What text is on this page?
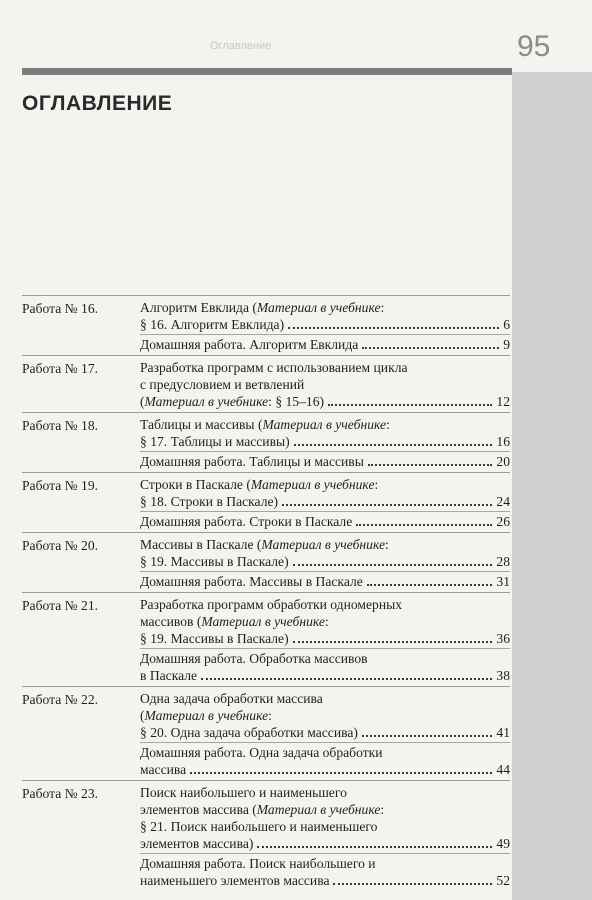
Оглавление	95
ОГЛАВЛЕНИЕ
Работа № 16.	Алгоритм Евклида ( Материал в учебнике :
§ 16. Алгоритм Евклида)	6
Домашняя работа. Алгоритм Евклида	9
Работа № 17.	Разработка программ с использованием цикла
с предусловием и ветвлений
( Материал в учебнике : § 15–16)	12
Работа № 18.	Таблицы и массивы ( Материал в учебнике :
§ 17. Таблицы и массивы)	16
Домашняя работа. Таблицы и массивы	20
Работа № 19.	Строки в Паскале ( Материал в учебнике :
§ 18. Строки в Паскале)	24
Домашняя работа. Строки в Паскале	26
Работа № 20.	Массивы в Паскале ( Материал в учебнике :
§ 19. Массивы в Паскале)	28
Домашняя работа. Массивы в Паскале	31
Работа № 21.	Разработка программ обработки одномерных
массивов ( Материал в учебнике :
§ 19. Массивы в Паскале)	36
Домашняя работа. Обработка массивов
в Паскале	38
Работа № 22.	Одна задача обработки массива
( Материал в учебнике :
§ 20. Одна задача обработки массива)	41
Домашняя работа. Одна задача обработки
массива	44
Работа № 23.	Поиск наибольшего и наименьшего
элементов массива ( Материал в учебнике :
§ 21. Поиск наибольшего и наименьшего
элементов массива)	49
Домашняя работа. Поиск наибольшего и
наименьшего элементов массива	52
